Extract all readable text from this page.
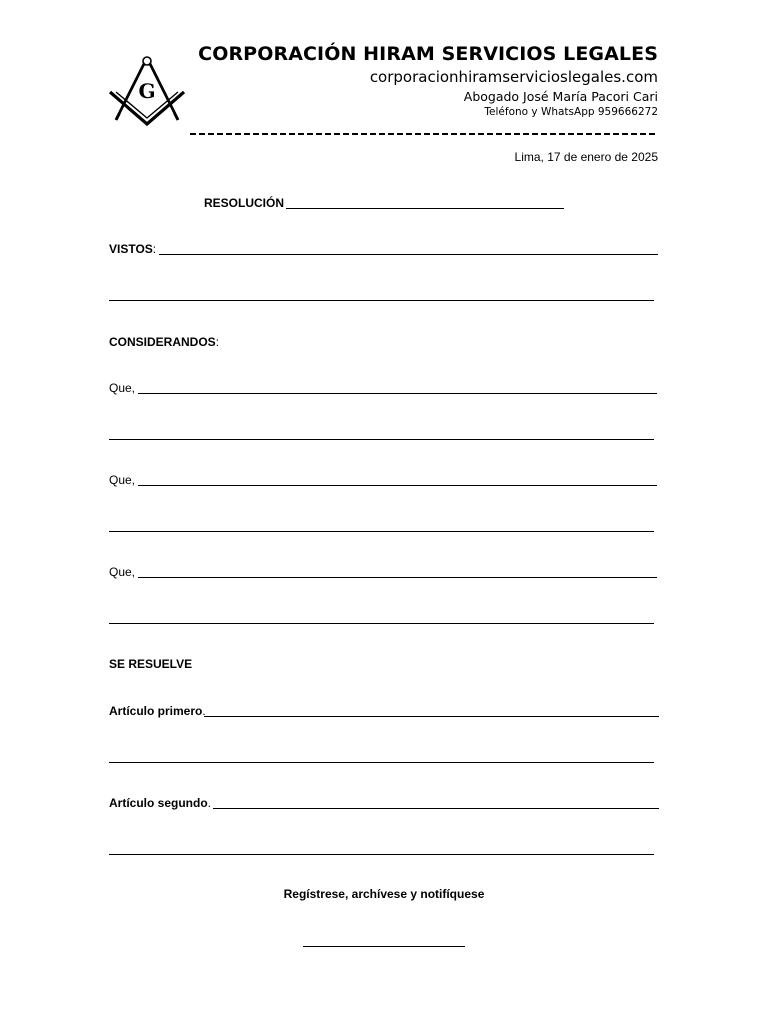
G
CORPORACIÓN HIRAM SERVICIOS LEGALES
corporacionhiramservicioslegales.com
Abogado José María Pacori Cari
Teléfono y WhatsApp 959666272
Lima, 17 de enero de 2025
RESOLUCIÓN
VISTOS:
CONSIDERANDOS:
Que,
Que,
Que,
SE RESUELVE
Artículo primero.
Artículo segundo.
Regístrese, archívese y notifíquese
